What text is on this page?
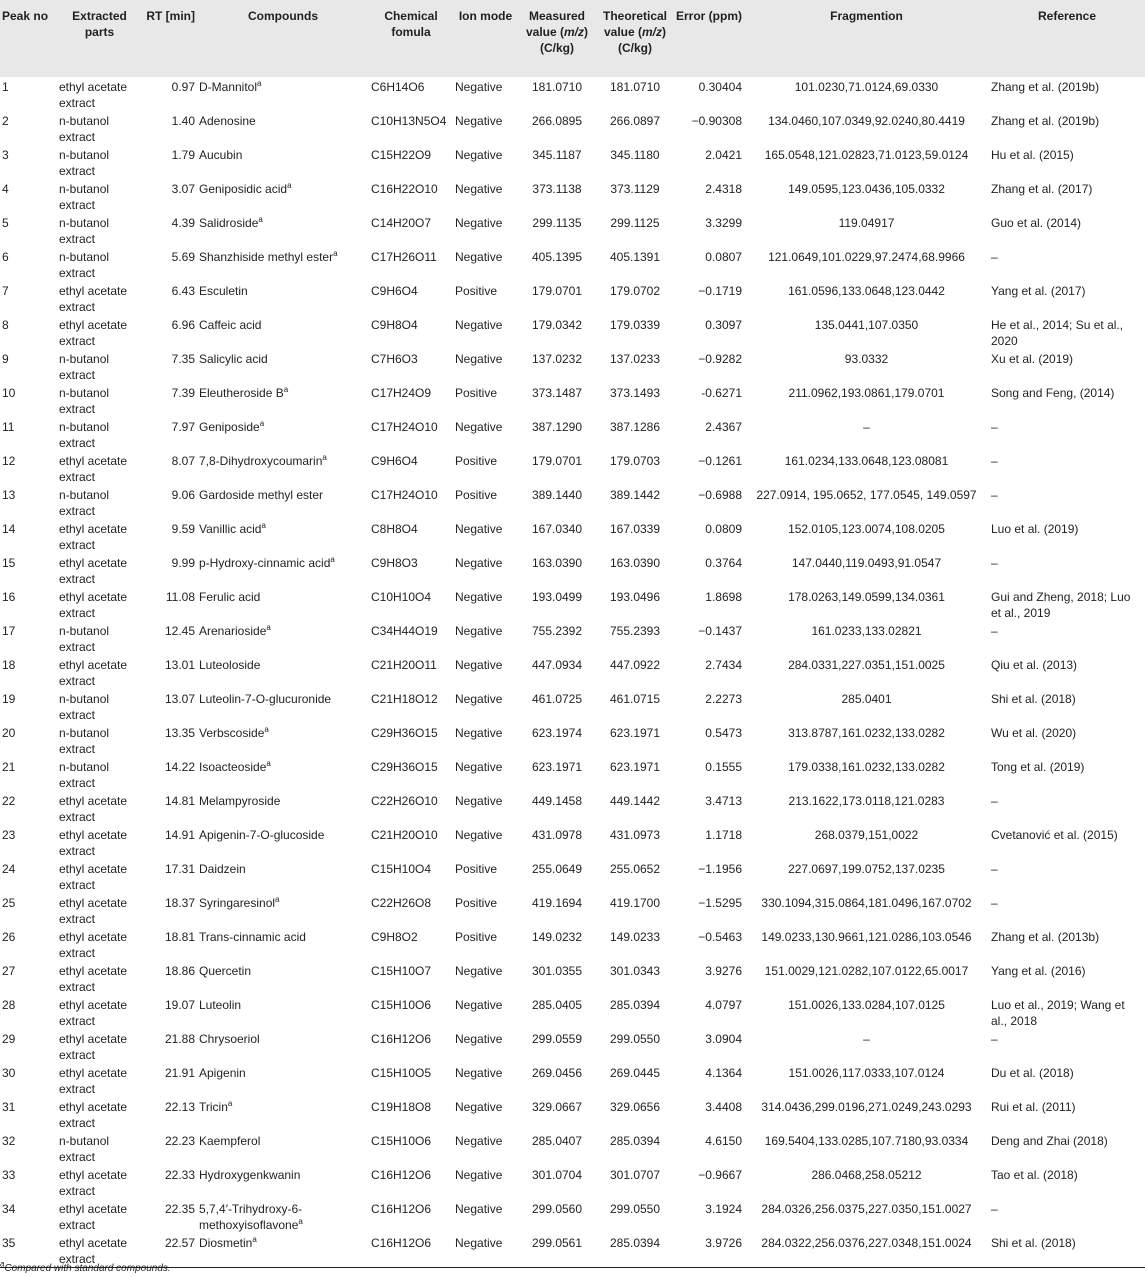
Peak no	Extracted parts	RT [min]	Compounds	Chemical fomula	Ion mode	Measured value (m/z) (C/kg)	Theoretical value (m/z) (C/kg)	Error (ppm)	Fragmention	Reference
1	ethyl acetate extract	0.97	D-Mannitol$^a$	C6H14O6	Negative	181.0710	181.0710	0.30404	101.0230,71.0124,69.0330	Zhang et al. (2019b)
2	n-butanol extract	1.40	Adenosine	C10H13N5O4	Negative	266.0895	266.0897	−0.90308	134.0460,107.0349,92.0240,80.4419	Zhang et al. (2019b)
3	n-butanol extract	1.79	Aucubin	C15H22O9	Negative	345.1187	345.1180	2.0421	165.0548,121.02823,71.0123,59.0124	Hu et al. (2015)
4	n-butanol extract	3.07	Geniposidic acid$^a$	C16H22O10	Negative	373.1138	373.1129	2.4318	149.0595,123.0436,105.0332	Zhang et al. (2017)
5	n-butanol extract	4.39	Salidroside$^a$	C14H20O7	Negative	299.1135	299.1125	3.3299	119.04917	Guo et al. (2014)
6	n-butanol extract	5.69	Shanzhiside methyl ester$^a$	C17H26O11	Negative	405.1395	405.1391	0.0807	121.0649,101.0229,97.2474,68.9966	–
7	ethyl acetate extract	6.43	Esculetin	C9H6O4	Positive	179.0701	179.0702	−0.1719	161.0596,133.0648,123.0442	Yang et al. (2017)
8	ethyl acetate extract	6.96	Caffeic acid	C9H8O4	Negative	179.0342	179.0339	0.3097	135.0441,107.0350	He et al., 2014; Su et al., 2020
9	n-butanol extract	7.35	Salicylic acid	C7H6O3	Negative	137.0232	137.0233	−0.9282	93.0332	Xu et al. (2019)
10	n-butanol extract	7.39	Eleutheroside $B^a$	C17H24O9	Positive	373.1487	373.1493	-0.6271	211.0962,193.0861,179.0701	Song and Feng, (2014)
11	n-butanol extract	7.97	Geniposide$^a$	C17H24O10	Negative	387.1290	387.1286	2.4367	–	–
12	ethyl acetate extract	8.07	7,8-Dihydroxycoumarin$^a$	C9H6O4	Positive	179.0701	179.0703	−0.1261	161.0234,133.0648,123.08081	–
13	n-butanol extract	9.06	Gardoside methyl ester	C17H24O10	Positive	389.1440	389.1442	−0.6988	227.0914, 195.0652, 177.0545, 149.0597	–
14	ethyl acetate extract	9.59	Vanillic acid$^a$	C8H8O4	Negative	167.0340	167.0339	0.0809	152.0105,123.0074,108.0205	Luo et al. (2019)
15	ethyl acetate extract	9.99	p-Hydroxy-cinnamic acid$^a$	C9H8O3	Negative	163.0390	163.0390	0.3764	147.0440,119.0493,91.0547	–
16	ethyl acetate extract	11.08	Ferulic acid	C10H10O4	Negative	193.0499	193.0496	1.8698	178.0263,149.0599,134.0361	Gui and Zheng, 2018; Luo et al., 2019
17	n-butanol extract	12.45	Arenarioside$^a$	C34H44O19	Negative	755.2392	755.2393	−0.1437	161.0233,133.02821	–
18	ethyl acetate extract	13.01	Luteoloside	C21H20O11	Negative	447.0934	447.0922	2.7434	284.0331,227.0351,151.0025	Qiu et al. (2013)
19	n-butanol extract	13.07	Luteolin-7-O-glucuronide	C21H18O12	Negative	461.0725	461.0715	2.2273	285.0401	Shi et al. (2018)
20	n-butanol extract	13.35	Verbscoside$^a$	C29H36O15	Negative	623.1974	623.1971	0.5473	313.8787,161.0232,133.0282	Wu et al. (2020)
21	n-butanol extract	14.22	Isoacteoside$^a$	C29H36O15	Negative	623.1971	623.1971	0.1555	179.0338,161.0232,133.0282	Tong et al. (2019)
22	ethyl acetate extract	14.81	Melampyroside	C22H26O10	Negative	449.1458	449.1442	3.4713	213.1622,173.0118,121.0283	–
23	ethyl acetate extract	14.91	Apigenin-7-O-glucoside	C21H20O10	Negative	431.0978	431.0973	1.1718	268.0379,151,0022	Cvetanović et al. (2015)
24	ethyl acetate extract	17.31	Daidzein	C15H10O4	Positive	255.0649	255.0652	−1.1956	227.0697,199.0752,137.0235	–
25	ethyl acetate extract	18.37	Syringaresinol$^a$	C22H26O8	Positive	419.1694	419.1700	−1.5295	330.1094,315.0864,181.0496,167.0702	–
26	ethyl acetate extract	18.81	Trans-cinnamic acid	C9H8O2	Positive	149.0232	149.0233	−0.5463	149.0233,130.9661,121.0286,103.0546	Zhang et al. (2013b)
27	ethyl acetate extract	18.86	Quercetin	C15H10O7	Negative	301.0355	301.0343	3.9276	151.0029,121.0282,107.0122,65.0017	Yang et al. (2016)
28	ethyl acetate extract	19.07	Luteolin	C15H10O6	Negative	285.0405	285.0394	4.0797	151.0026,133.0284,107.0125	Luo et al., 2019; Wang et al., 2018
29	ethyl acetate extract	21.88	Chrysoeriol	C16H12O6	Negative	299.0559	299.0550	3.0904	–	–
30	ethyl acetate extract	21.91	Apigenin	C15H10O5	Negative	269.0456	269.0445	4.1364	151.0026,117.0333,107.0124	Du et al. (2018)
31	ethyl acetate extract	22.13	Tricin$^a$	C19H18O8	Negative	329.0667	329.0656	3.4408	314.0436,299.0196,271.0249,243.0293	Rui et al. (2011)
32	n-butanol extract	22.23	Kaempferol	C15H10O6	Negative	285.0407	285.0394	4.6150	169.5404,133.0285,107.7180,93.0334	Deng and Zhai (2018)
33	ethyl acetate extract	22.33	Hydroxygenkwanin	C16H12O6	Negative	301.0704	301.0707	−0.9667	286.0468,258.05212	Tao et al. (2018)
34	ethyl acetate extract	22.35	5,7,4′-Trihydroxy-6-methoxyisoflavone$^a$	C16H12O6	Negative	299.0560	299.0550	3.1924	284.0326,256.0375,227.0350,151.0027	–
35	ethyl acetate extract	22.57	Diosmetin$^a$	C16H12O6	Negative	299.0561	285.0394	3.9726	284.0322,256.0376,227.0348,151.0024	Shi et al. (2018)
$^a$Compared with standard compounds.
